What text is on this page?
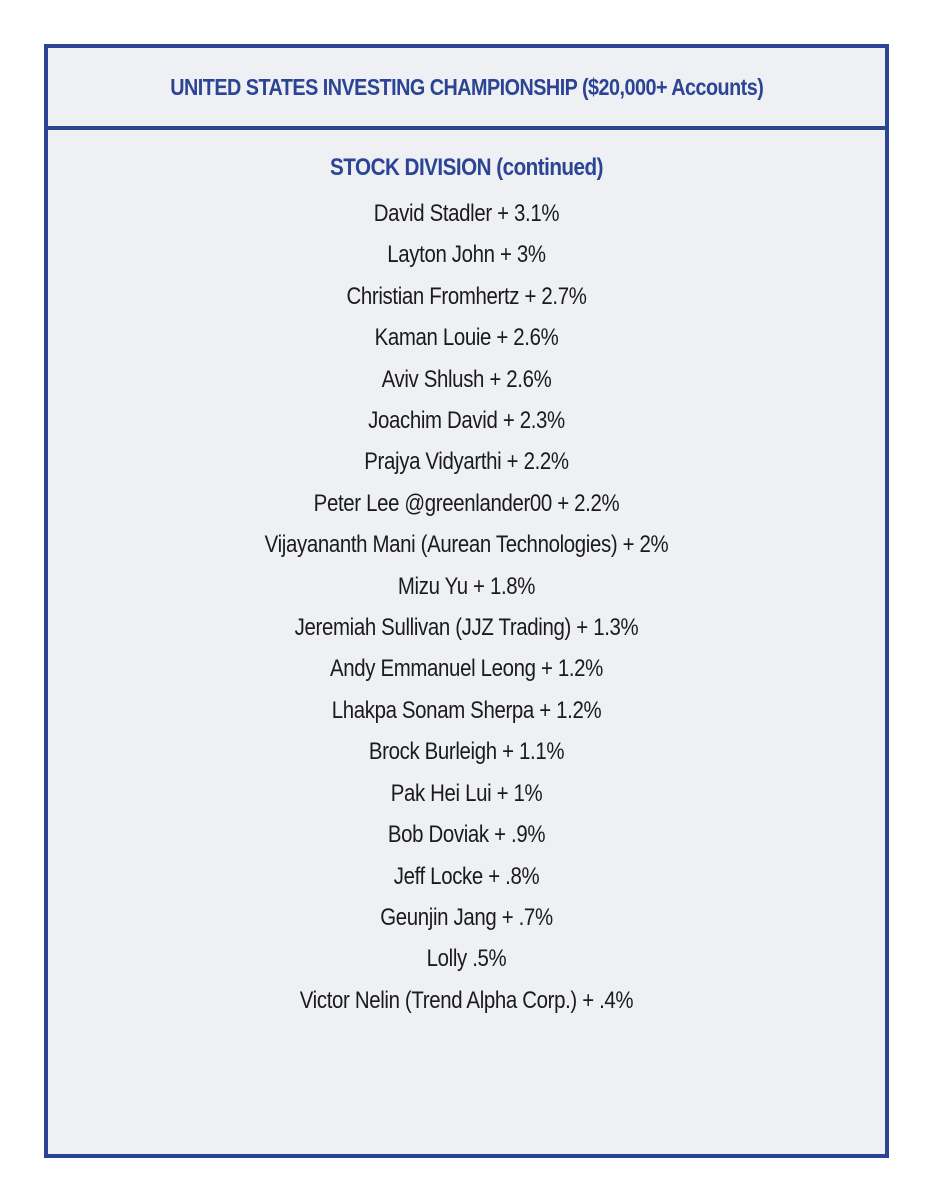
UNITED STATES INVESTING CHAMPIONSHIP ($20,000+ Accounts)
STOCK DIVISION (continued)
David Stadler + 3.1%
Layton John + 3%
Christian Fromhertz + 2.7%
Kaman Louie + 2.6%
Aviv Shlush + 2.6%
Joachim David + 2.3%
Prajya Vidyarthi + 2.2%
Peter Lee @greenlander00 + 2.2%
Vijayananth Mani (Aurean Technologies) + 2%
Mizu Yu + 1.8%
Jeremiah Sullivan (JJZ Trading) + 1.3%
Andy Emmanuel Leong + 1.2%
Lhakpa Sonam Sherpa + 1.2%
Brock Burleigh + 1.1%
Pak Hei Lui + 1%
Bob Doviak + .9%
Jeff Locke + .8%
Geunjin Jang + .7%
Lolly .5%
Victor Nelin (Trend Alpha Corp.) + .4%
